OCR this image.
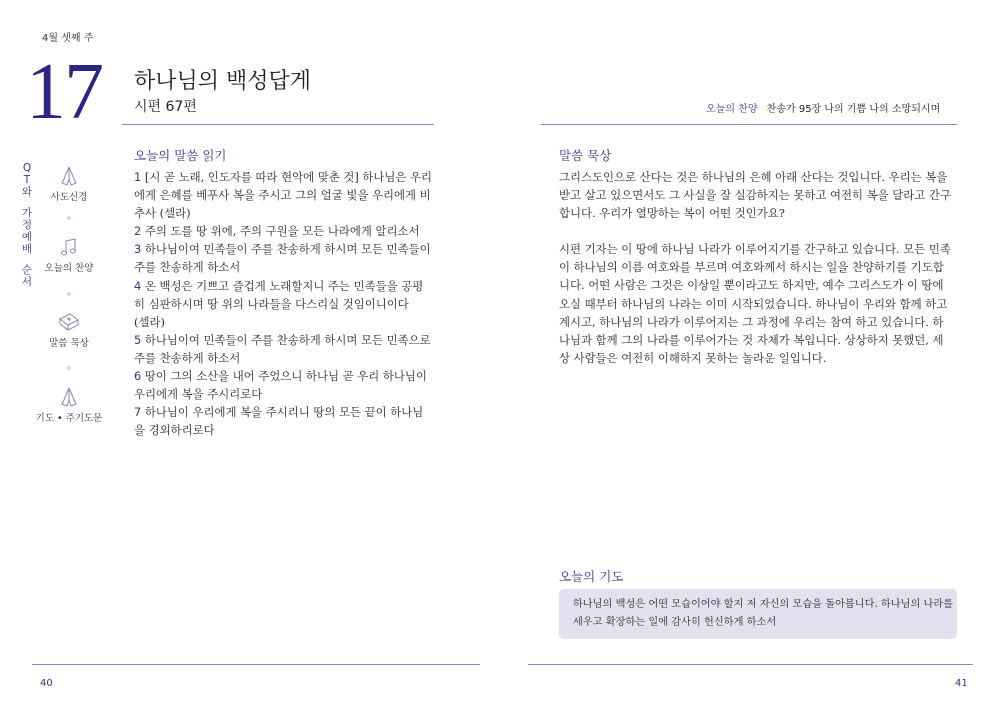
4월 셋째 주
17 하나님의 백성답게
시편 67편
Q
T
와
가
정
예
배
순
서
사도신경
오늘의 찬양
말씀 묵상
기도 • 주기도문
오늘의 말씀 읽기
1 [시 곧 노래, 인도자를 따라 현악에 맞춘 것] 하나님은 우리
에게 은혜를 베푸사 복을 주시고 그의 얼굴 빛을 우리에게 비
추사 (셀라)
2 주의 도를 땅 위에, 주의 구원을 모든 나라에게 알리소서
3 하나님이여 민족들이 주를 찬송하게 하시며 모든 민족들이
주를 찬송하게 하소서
4 온 백성은 기쁘고 즐겁게 노래할지니 주는 민족들을 공평
히 심판하시며 땅 위의 나라들을 다스리실 것임이니이다
(셀라)
5 하나님이여 민족들이 주를 찬송하게 하시며 모든 민족으로
주를 찬송하게 하소서
6 땅이 그의 소산을 내어 주었으니 하나님 곧 우리 하나님이
우리에게 복을 주시리로다
7 하나님이 우리에게 복을 주시리니 땅의 모든 끝이 하나님
을 경외하리로다
40
오늘의 찬양 찬송가 95장 나의 기쁨 나의 소망되시며
말씀 묵상
그리스도인으로 산다는 것은 하나님의 은혜 아래 산다는 것입니다. 우리는 복을
받고 살고 있으면서도 그 사실을 잘 실감하지는 못하고 여전히 복을 달라고 간구
합니다. 우리가 열망하는 복이 어떤 것인가요?
시편 기자는 이 땅에 하나님 나라가 이루어지기를 간구하고 있습니다. 모든 민족
이 하나님의 이름 여호와를 부르며 여호와께서 하시는 일을 찬양하기를 기도합
니다. 어떤 사람은 그것은 이상일 뿐이라고도 하지만, 예수 그리스도가 이 땅에
오실 때부터 하나님의 나라는 이미 시작되었습니다. 하나님이 우리와 함께 하고
계시고, 하나님의 나라가 이루어지는 그 과정에 우리는 참여 하고 있습니다. 하
나님과 함께 그의 나라를 이루어가는 것 자체가 복입니다. 상상하지 못했던, 세
상 사람들은 여전히 이해하지 못하는 놀라운 일입니다.
오늘의 기도
하나님의 백성은 어떤 모습이어야 할지 저 자신의 모습을 돌아봅니다. 하나님의 나라를
세우고 확장하는 일에 감사히 헌신하게 하소서
41
